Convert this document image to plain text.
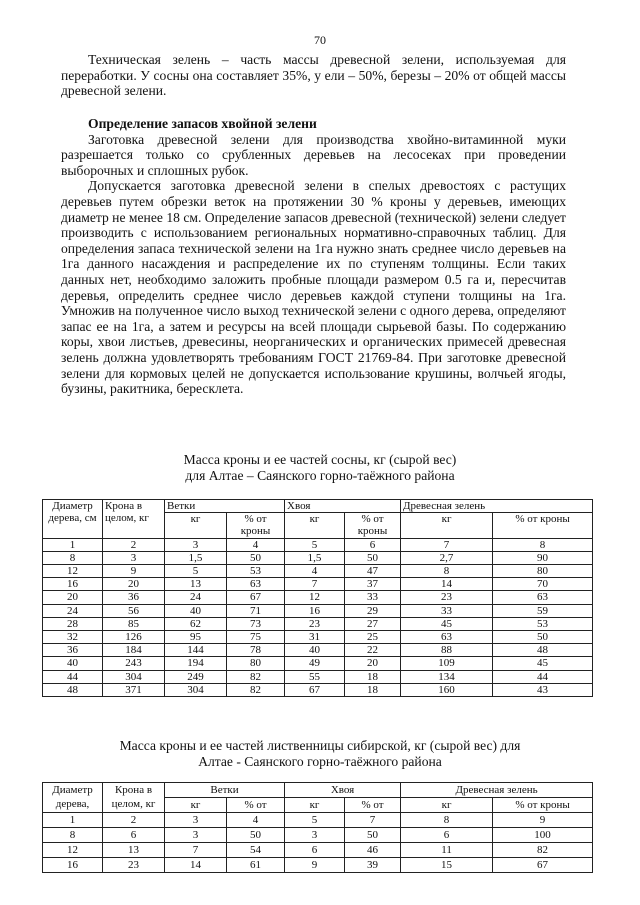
70

Техническая зелень – часть массы древесной зелени, используемая для переработки. У сосны она составляет 35%, у ели – 50%, березы – 20% от общей массы древесной зелени.

Определение запасов хвойной зелени

Заготовка древесной зелени для производства хвойно-витаминной муки разрешается только со срубленных деревьев на лесосеках при проведении выборочных и сплошных рубок.

Допускается заготовка древесной зелени в спелых древостоях с растущих деревьев путем обрезки веток на протяжении 30 % кроны у деревьев, имеющих диаметр не менее 18 см. Определение запасов древесной (технической) зелени следует производить с использованием региональных нормативно-справочных таблиц. Для определения запаса технической зелени на 1га нужно знать среднее число деревьев на 1га данного насаждения и распределение их по ступеням толщины. Если таких данных нет, необходимо заложить пробные площади размером 0.5 га и, пересчитав деревья, определить среднее число деревьев каждой ступени толщины на 1га. Умножив на полученное число выход технической зелени с одного дерева, определяют запас ее на 1га, а затем и ресурсы на всей площади сырьевой базы. По содержанию коры, хвои листьев, древесины, неорганических и органических примесей древесная зелень должна удовлетворять требованиям ГОСТ 21769-84. При заготовке древесной зелени для кормовых целей не допускается использование крушины, волчьей ягоды, бузины, ракитника, бересклета.

Масса кроны и ее частей сосны, кг (сырой вес)
для Алтае – Саянского горно-таёжного района
Диаметр дерева, см	Крона в целом, кг	Ветки		Хвоя		Древесная зелень	
		кг	% от кроны	кг	% от кроны	кг	% от кроны
1	2	3	4	5	6	7	8
8	3	1,5	50	1,5	50	2,7	90
12	9	5	53	4	47	8	80
16	20	13	63	7	37	14	70
20	36	24	67	12	33	23	63
24	56	40	71	16	29	33	59
28	85	62	73	23	27	45	53
32	126	95	75	31	25	63	50
36	184	144	78	40	22	88	48
40	243	194	80	49	20	109	45
44	304	249	82	55	18	134	44
48	371	304	82	67	18	160	43
Масса кроны и ее частей лиственницы сибирской, кг (сырой вес) для
Алтае - Саянского горно-таёжного района
Диаметр дерева,	Крона в целом, кг	Ветки		Хвоя		Древесная зелень	
		кг	% от	кг	% от	кг	% от кроны
1	2	3	4	5	7	8	9
8	6	3	50	3	50	6	100
12	13	7	54	6	46	11	82
16	23	14	61	9	39	15	67
